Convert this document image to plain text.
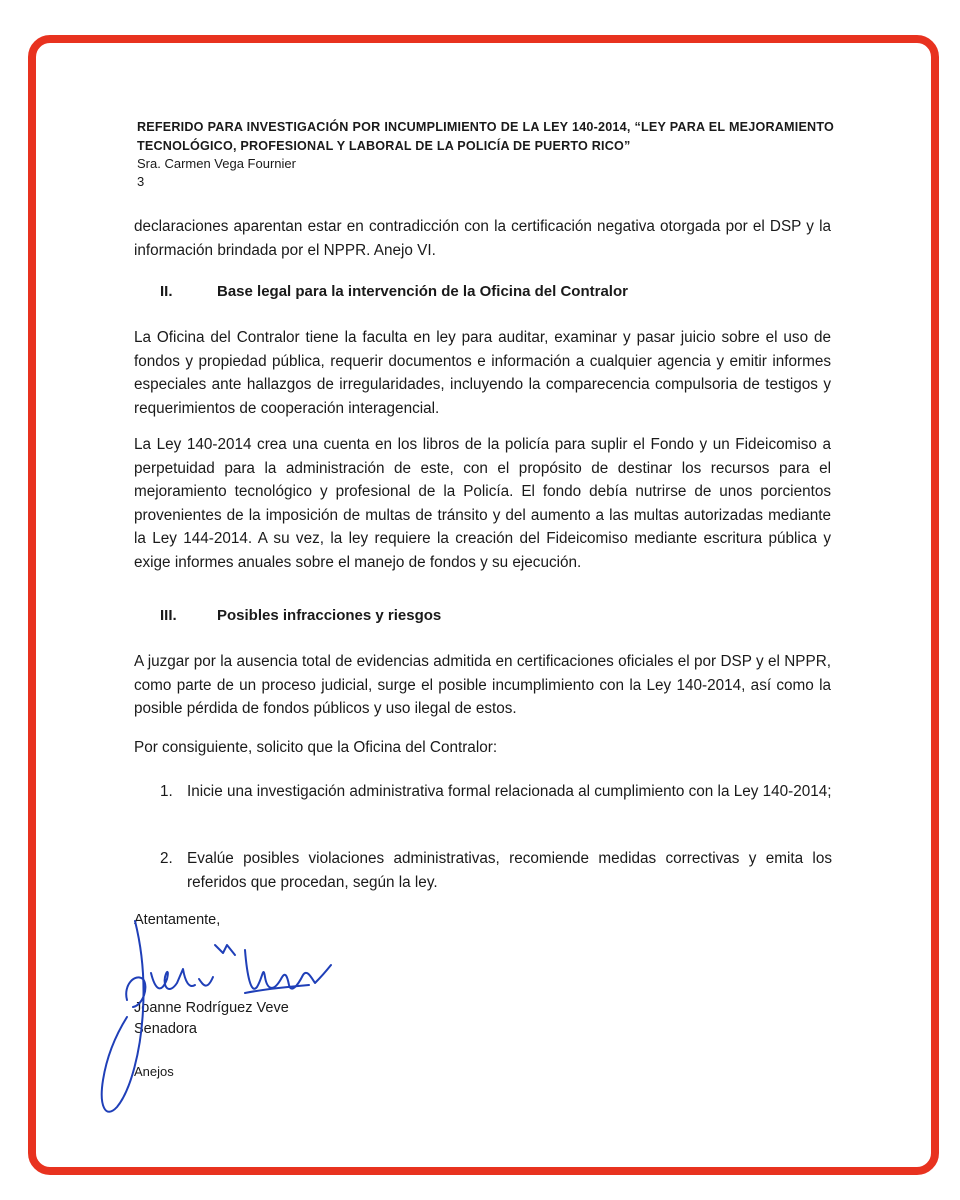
REFERIDO PARA INVESTIGACIÓN POR INCUMPLIMIENTO DE LA LEY 140-2014, “LEY PARA EL MEJORAMIENTO TECNOLÓGICO, PROFESIONAL Y LABORAL DE LA POLICÍA DE PUERTO RICO”
Sra. Carmen Vega Fournier
3

declaraciones aparentan estar en contradicción con la certificación negativa otorgada por el DSP y la información brindada por el NPPR. Anejo VI.

II.	Base legal para la intervención de la Oficina del Contralor

La Oficina del Contralor tiene la faculta en ley para auditar, examinar y pasar juicio sobre el uso de fondos y propiedad pública, requerir documentos e información a cualquier agencia y emitir informes especiales ante hallazgos de irregularidades, incluyendo la comparecencia compulsoria de testigos y requerimientos de cooperación interagencial.

La Ley 140-2014 crea una cuenta en los libros de la policía para suplir el Fondo y un Fideicomiso a perpetuidad para la administración de este, con el propósito de destinar los recursos para el mejoramiento tecnológico y profesional de la Policía. El fondo debía nutrirse de unos porcientos provenientes de la imposición de multas de tránsito y del aumento a las multas autorizadas mediante la Ley 144-2014. A su vez, la ley requiere la creación del Fideicomiso mediante escritura pública y exige informes anuales sobre el manejo de fondos y su ejecución.

III.	Posibles infracciones y riesgos

A juzgar por la ausencia total de evidencias admitida en certificaciones oficiales el por DSP y el NPPR, como parte de un proceso judicial, surge el posible incumplimiento con la Ley 140-2014, así como la posible pérdida de fondos públicos y uso ilegal de estos.

Por consiguiente, solicito que la Oficina del Contralor:

1. Inicie una investigación administrativa formal relacionada al cumplimiento con la Ley 140-2014;
2. Evalúe posibles violaciones administrativas, recomiende medidas correctivas y emita los referidos que procedan, según la ley.
Atentamente,
Joanne Rodríguez Veve
Senadora
Anejos
